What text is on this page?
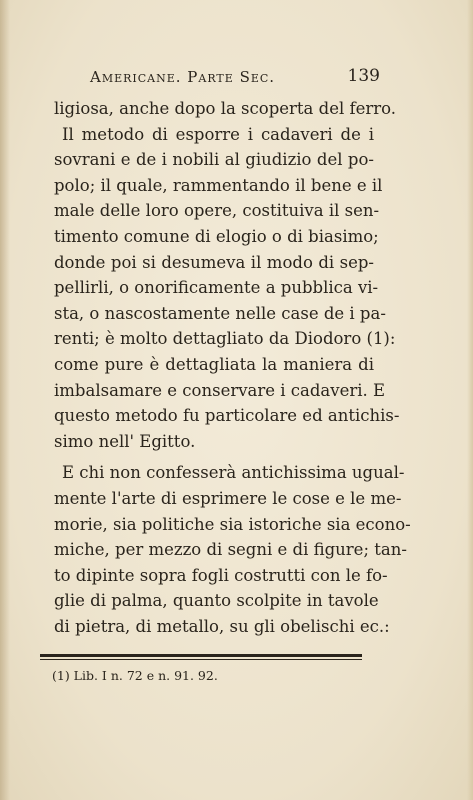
Americane. Parte Sec.	139
ligiosa, anche dopo la scoperta del ferro.
Il metodo di esporre i cadaveri de i
sovrani e de i nobili al giudizio del po-
polo; il quale, rammentando il bene e il
male delle loro opere, costituiva il sen-
timento comune di elogio o di biasimo;
donde poi si desumeva il modo di sep-
pellirli, o onorificamente a pubblica vi-
sta, o nascostamente nelle case de i pa-
renti; è molto dettagliato da Diodoro (1):
come pure è dettagliata la maniera di
imbalsamare e conservare i cadaveri. E
questo metodo fu particolare ed antichis-
simo nell' Egitto.
E chi non confesserà antichissima ugual-
mente l'arte di esprimere le cose e le me-
morie, sia politiche sia istoriche sia econo-
miche, per mezzo di segni e di figure; tan-
to dipinte sopra fogli costrutti con le fo-
glie di palma, quanto scolpite in tavole
di pietra, di metallo, su gli obelischi ec.:
(1) Lib. I n. 72 e n. 91. 92.
